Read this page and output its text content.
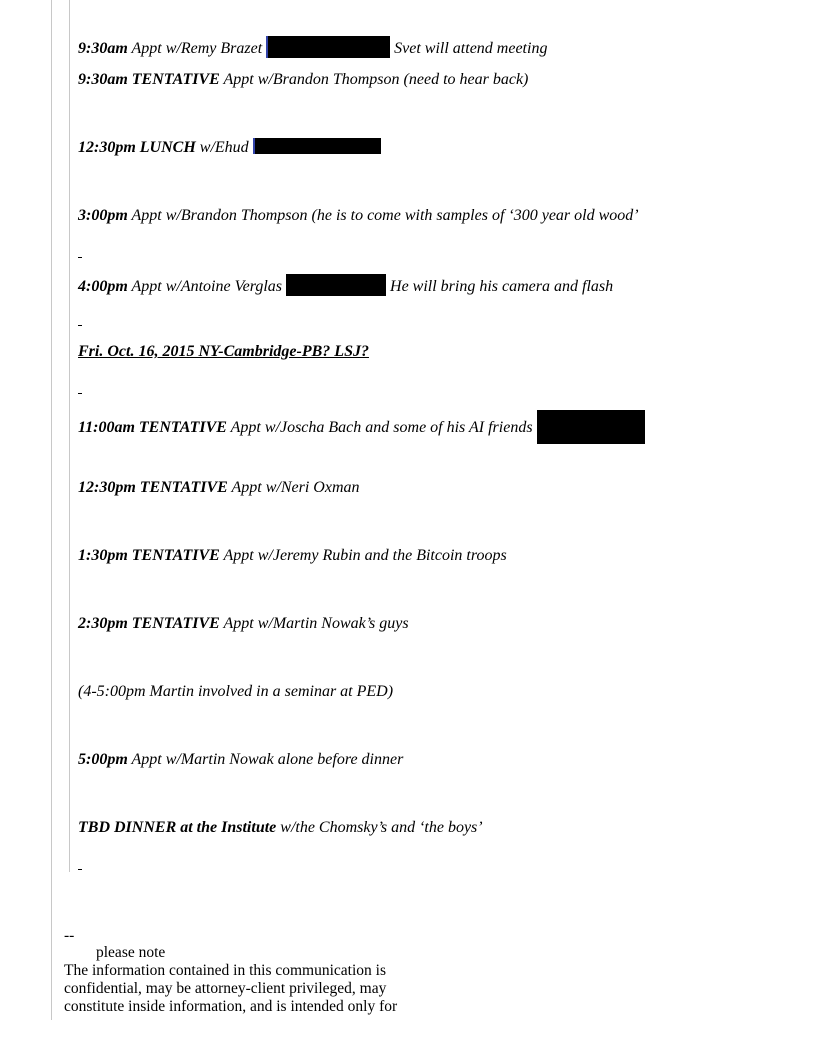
9:30am Appt w/Remy Brazet	Svet will attend meeting
9:30am TENTATIVE Appt w/Brandon Thompson (need to hear back)
12:30pm LUNCH w/Ehud
3:00pm Appt w/Brandon Thompson (he is to come with samples of ‘300 year old wood’
4:00pm Appt w/Antoine Verglas	He will bring his camera and flash
Fri. Oct. 16, 2015 NY-Cambridge-PB? LSJ?
11:00am TENTATIVE Appt w/Joscha Bach and some of his AI friends
12:30pm TENTATIVE Appt w/Neri Oxman
1:30pm TENTATIVE Appt w/Jeremy Rubin and the Bitcoin troops
2:30pm TENTATIVE Appt w/Martin Nowak’s guys
(4-5:00pm Martin involved in a seminar at PED)
5:00pm Appt w/Martin Nowak alone before dinner
TBD DINNER at the Institute w/the Chomsky’s and ‘the boys’
--
please note
The information contained in this communication is
confidential, may be attorney-client privileged, may
constitute inside information, and is intended only for
